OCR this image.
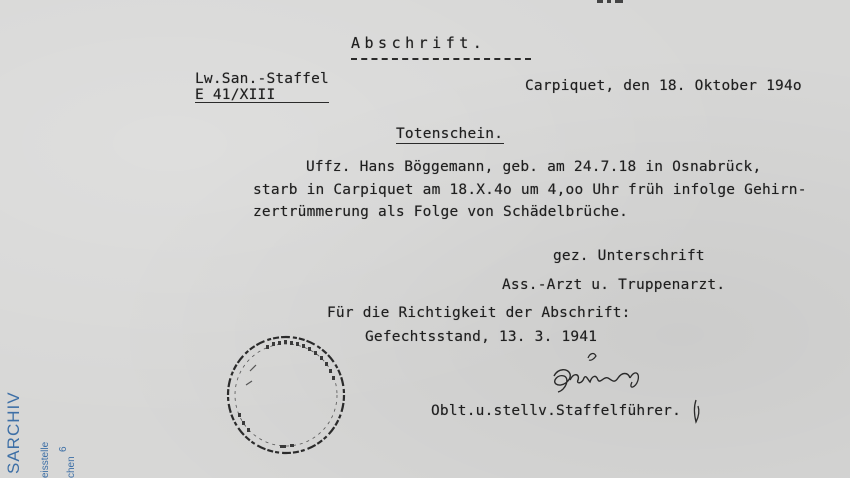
Abschrift.
Lw.San.-Staffel
E 41/XIII
Carpiquet, den 18. Oktober 194o
Totenschein.
Uffz. Hans Böggemann, geb. am 24.7.18 in Osnabrück,
starb in Carpiquet am 18.X.4o um 4,oo Uhr früh infolge Gehirn-
zertrümmerung als Folge von Schädelbrüche.
gez. Unterschrift
Ass.-Arzt u. Truppenarzt.
Für die Richtigkeit der Abschrift:
Gefechtsstand, 13. 3. 1941
Oblt.u.stellv.Staffelführer.
SARCHIV eisstelle 6
chen
